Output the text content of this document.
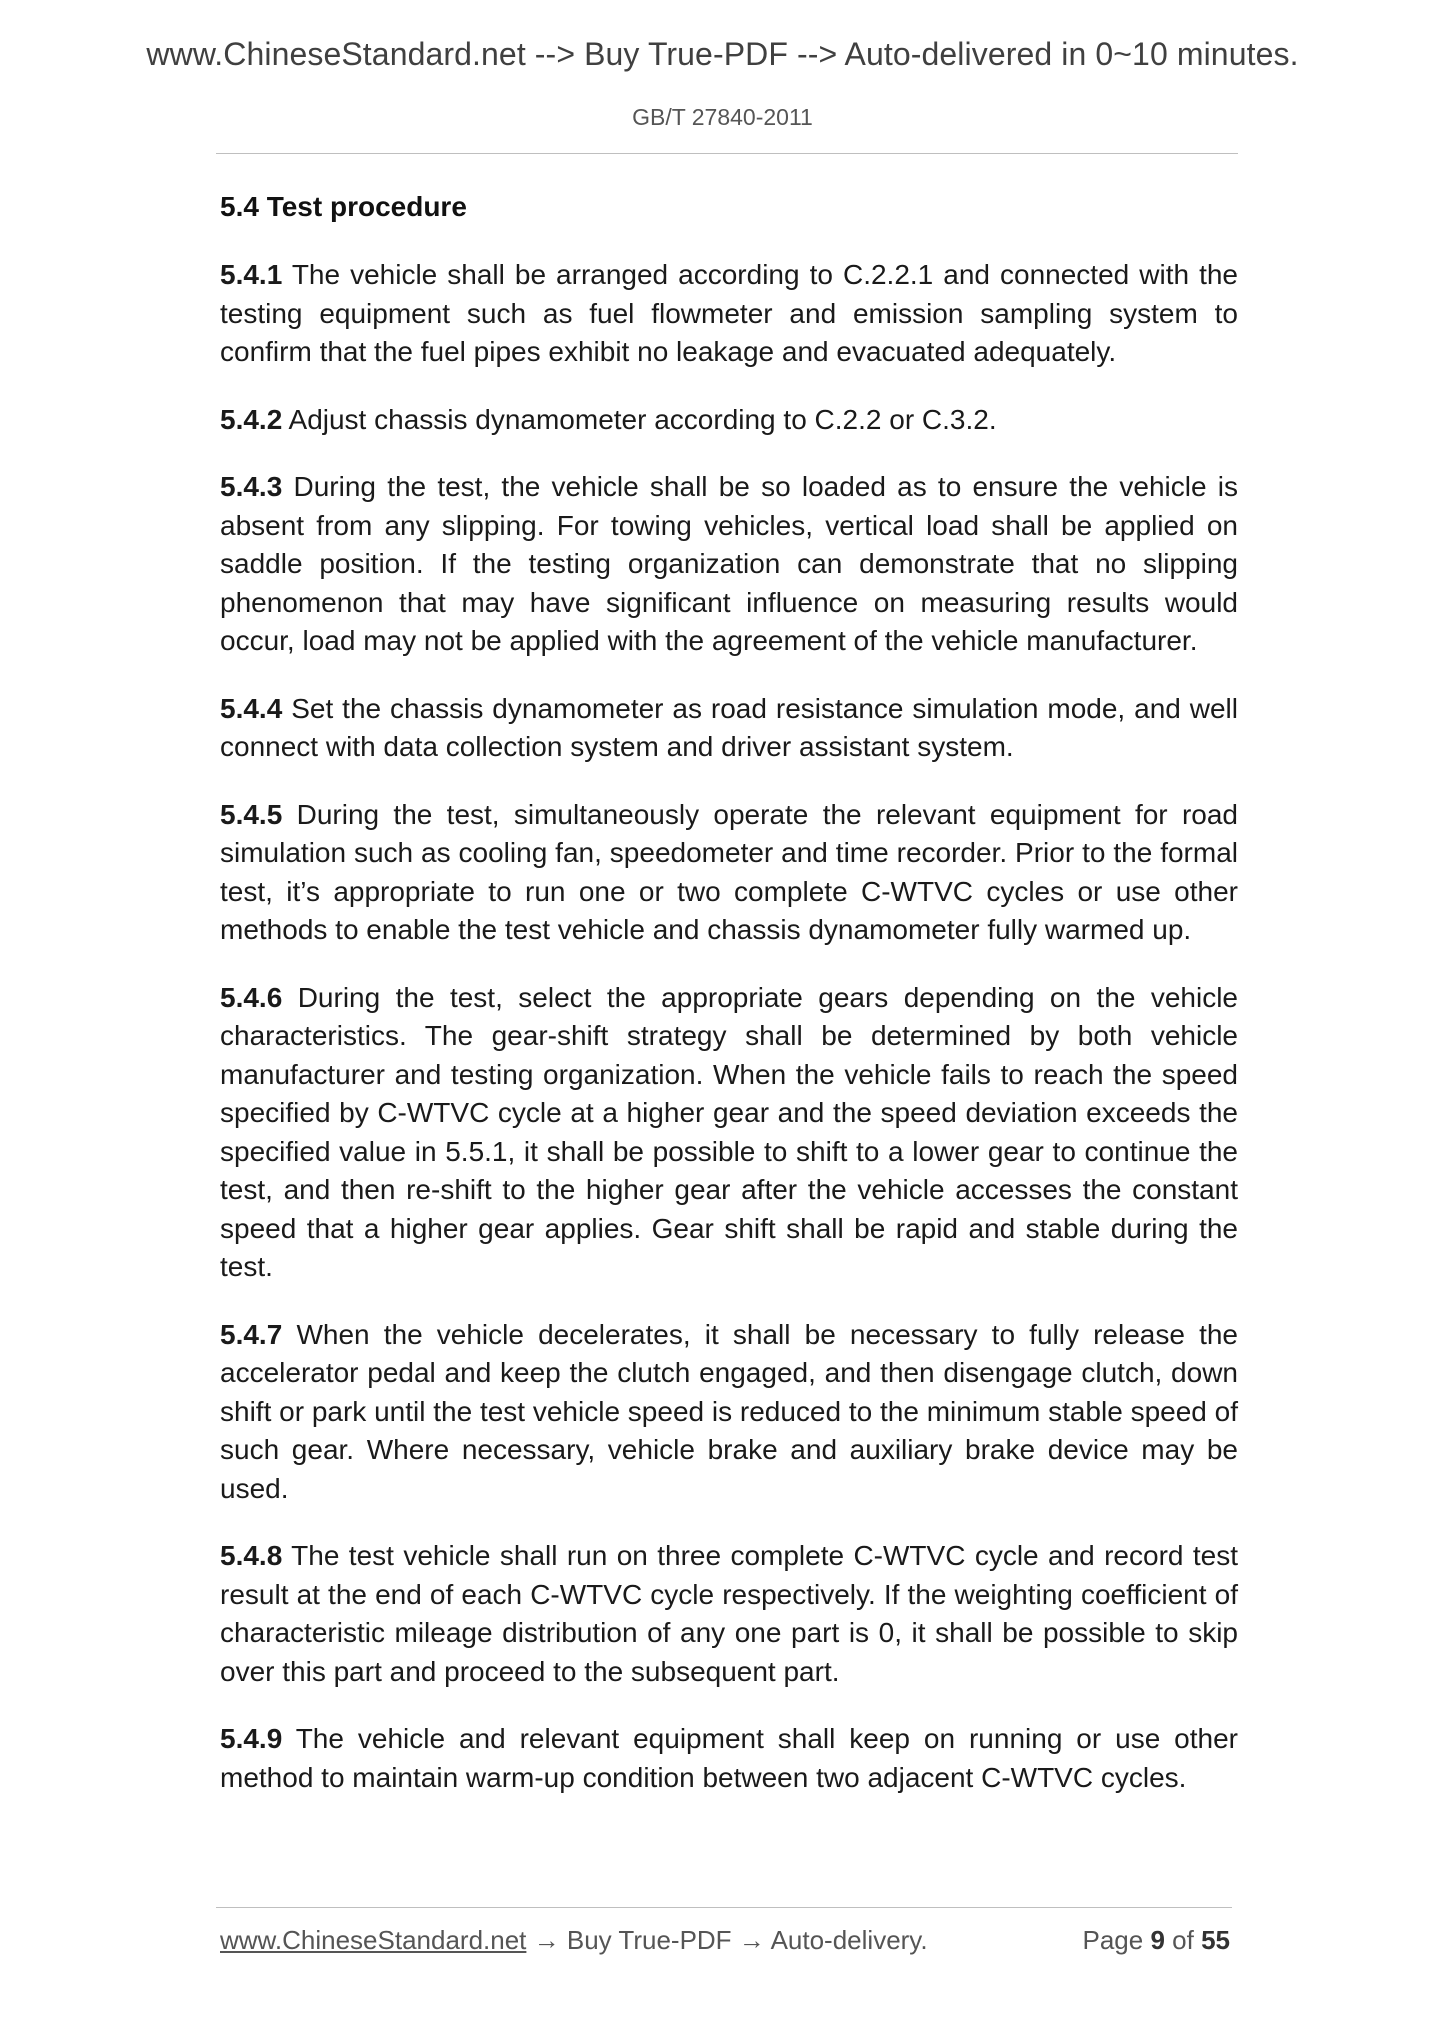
www.ChineseStandard.net --> Buy True-PDF --> Auto-delivered in 0~10 minutes.
GB/T 27840-2011
5.4 Test procedure

5.4.1 The vehicle shall be arranged according to C.2.2.1 and connected with the testing equipment such as fuel flowmeter and emission sampling system to confirm that the fuel pipes exhibit no leakage and evacuated adequately.

5.4.2 Adjust chassis dynamometer according to C.2.2 or C.3.2.

5.4.3 During the test, the vehicle shall be so loaded as to ensure the vehicle is absent from any slipping. For towing vehicles, vertical load shall be applied on saddle position. If the testing organization can demonstrate that no slipping phenomenon that may have significant influence on measuring results would occur, load may not be applied with the agreement of the vehicle manufacturer.

5.4.4 Set the chassis dynamometer as road resistance simulation mode, and well connect with data collection system and driver assistant system.

5.4.5 During the test, simultaneously operate the relevant equipment for road simulation such as cooling fan, speedometer and time recorder. Prior to the formal test, it’s appropriate to run one or two complete C-WTVC cycles or use other methods to enable the test vehicle and chassis dynamometer fully warmed up.

5.4.6 During the test, select the appropriate gears depending on the vehicle characteristics. The gear-shift strategy shall be determined by both vehicle manufacturer and testing organization. When the vehicle fails to reach the speed specified by C-WTVC cycle at a higher gear and the speed deviation exceeds the specified value in 5.5.1, it shall be possible to shift to a lower gear to continue the test, and then re-shift to the higher gear after the vehicle accesses the constant speed that a higher gear applies. Gear shift shall be rapid and stable during the test.

5.4.7 When the vehicle decelerates, it shall be necessary to fully release the accelerator pedal and keep the clutch engaged, and then disengage clutch, down shift or park until the test vehicle speed is reduced to the minimum stable speed of such gear. Where necessary, vehicle brake and auxiliary brake device may be used.

5.4.8 The test vehicle shall run on three complete C-WTVC cycle and record test result at the end of each C-WTVC cycle respectively. If the weighting coefficient of characteristic mileage distribution of any one part is 0, it shall be possible to skip over this part and proceed to the subsequent part.

5.4.9 The vehicle and relevant equipment shall keep on running or use other method to maintain warm-up condition between two adjacent C-WTVC cycles.

www.ChineseStandard.net → Buy True-PDF → Auto-delivery.	Page 9 of 55
